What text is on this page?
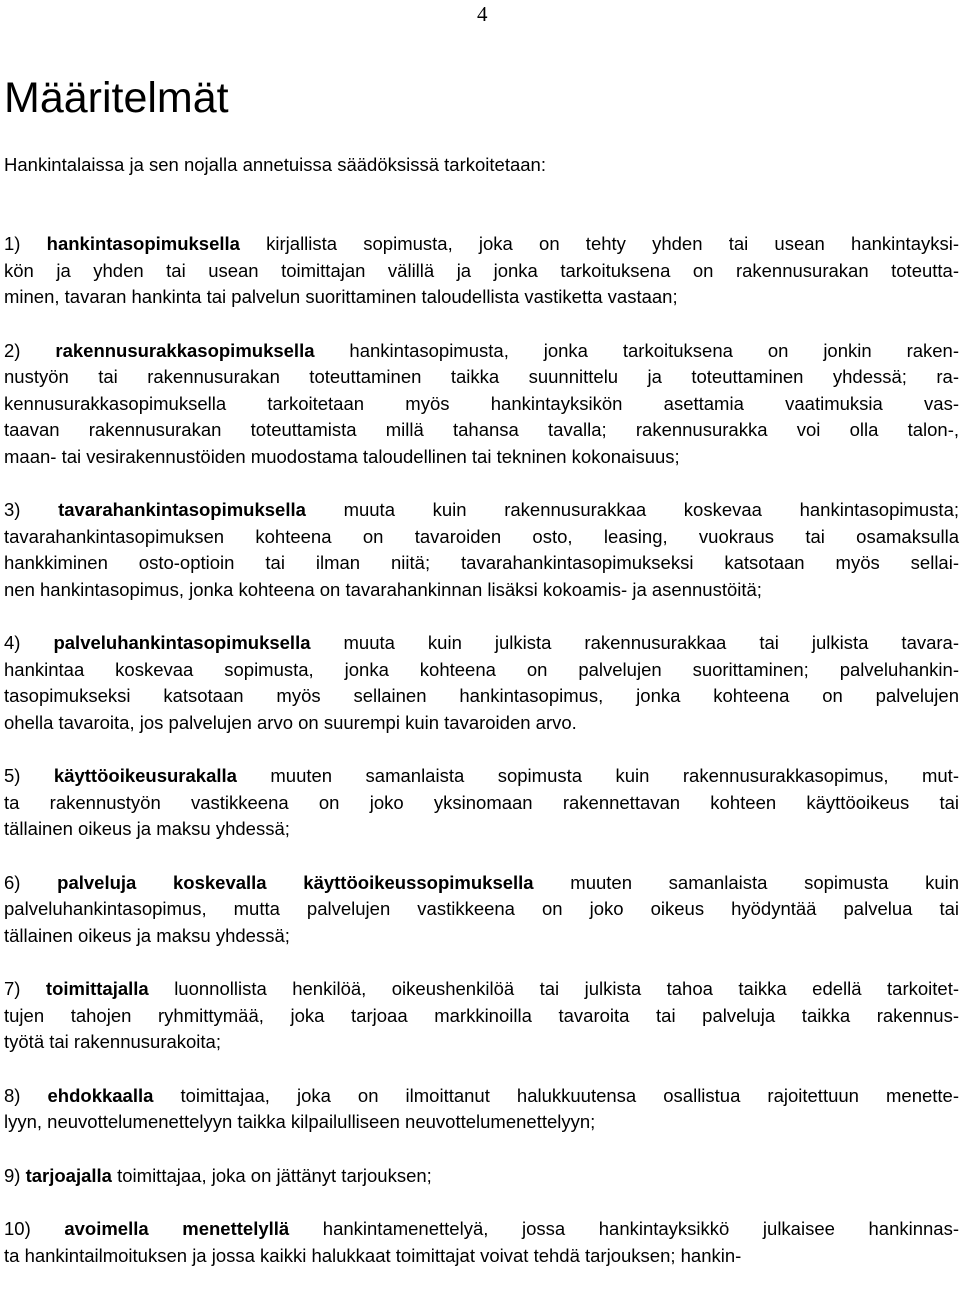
4
Määritelmät

Hankintalaissa ja sen nojalla annetuissa säädöksissä tarkoitetaan:

1) hankintasopimuksella kirjallista sopimusta, joka on tehty yhden tai usean hankintayksi-
kön ja yhden tai usean toimittajan välillä ja jonka tarkoituksena on rakennusurakan toteutta-
minen, tavaran hankinta tai palvelun suorittaminen taloudellista vastiketta vastaan;
2) rakennusurakkasopimuksella hankintasopimusta, jonka tarkoituksena on jonkin raken-
nustyön tai rakennusurakan toteuttaminen taikka suunnittelu ja toteuttaminen yhdessä; ra-
kennusurakkasopimuksella tarkoitetaan myös hankintayksikön asettamia vaatimuksia vas-
taavan rakennusurakan toteuttamista millä tahansa tavalla; rakennusurakka voi olla talon-,
maan- tai vesirakennustöiden muodostama taloudellinen tai tekninen kokonaisuus;
3) tavarahankintasopimuksella muuta kuin rakennusurakkaa koskevaa hankintasopimusta;
tavarahankintasopimuksen kohteena on tavaroiden osto, leasing, vuokraus tai osamaksulla
hankkiminen osto-optioin tai ilman niitä; tavarahankintasopimukseksi katsotaan myös sellai-
nen hankintasopimus, jonka kohteena on tavarahankinnan lisäksi kokoamis- ja asennustöitä;
4) palveluhankintasopimuksella muuta kuin julkista rakennusurakkaa tai julkista tavara-
hankintaa koskevaa sopimusta, jonka kohteena on palvelujen suorittaminen; palveluhankin-
tasopimukseksi katsotaan myös sellainen hankintasopimus, jonka kohteena on palvelujen
ohella tavaroita, jos palvelujen arvo on suurempi kuin tavaroiden arvo.
5) käyttöoikeusurakalla muuten samanlaista sopimusta kuin rakennusurakkasopimus, mut-
ta rakennustyön vastikkeena on joko yksinomaan rakennettavan kohteen käyttöoikeus tai
tällainen oikeus ja maksu yhdessä;
6) palveluja koskevalla käyttöoikeussopimuksella muuten samanlaista sopimusta kuin
palveluhankintasopimus, mutta palvelujen vastikkeena on joko oikeus hyödyntää palvelua tai
tällainen oikeus ja maksu yhdessä;
7) toimittajalla luonnollista henkilöä, oikeushenkilöä tai julkista tahoa taikka edellä tarkoitet-
tujen tahojen ryhmittymää, joka tarjoaa markkinoilla tavaroita tai palveluja taikka rakennus-
työtä tai rakennusurakoita;
8) ehdokkaalla toimittajaa, joka on ilmoittanut halukkuutensa osallistua rajoitettuun menette-
lyyn, neuvottelumenettelyyn taikka kilpailulliseen neuvottelumenettelyyn;
9) tarjoajalla toimittajaa, joka on jättänyt tarjouksen;
10) avoimella menettelyllä hankintamenettelyä, jossa hankintayksikkö julkaisee hankinnas-
ta hankintailmoituksen ja jossa kaikki halukkaat toimittajat voivat tehdä tarjouksen; hankin-
